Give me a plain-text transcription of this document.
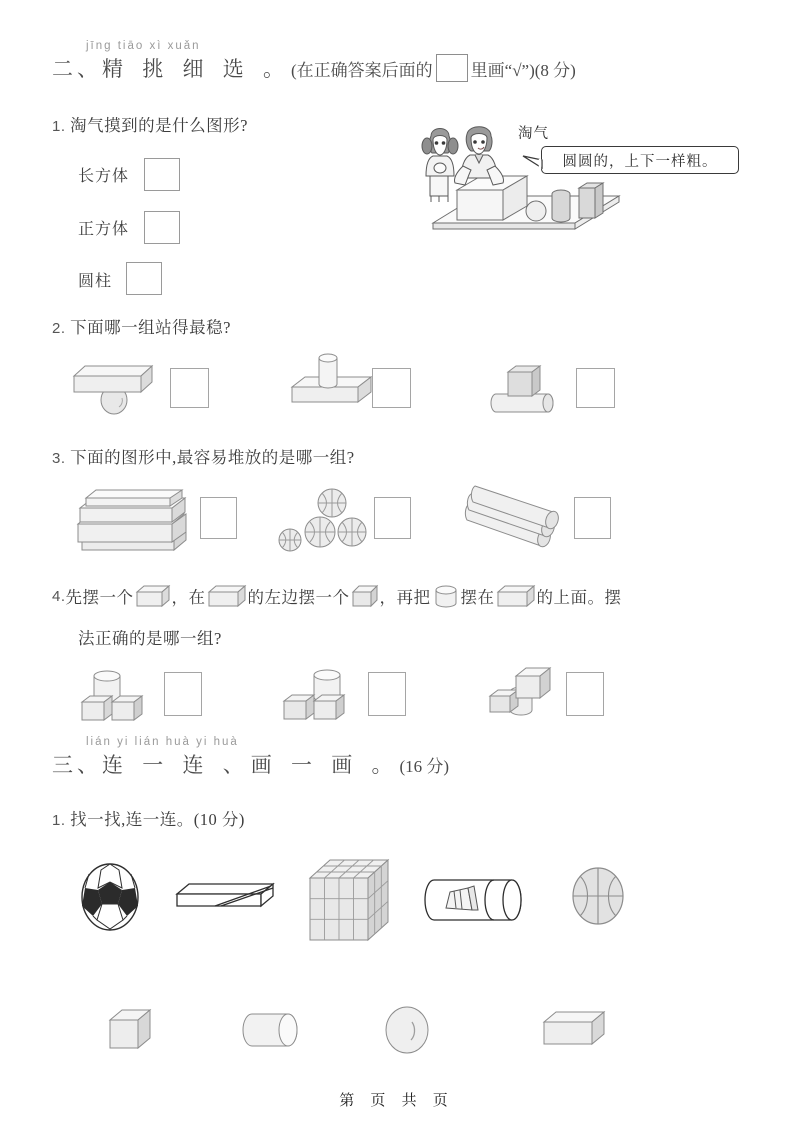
jīng tiāo xì xuǎn
二、 精 挑 细 选 。 (在正确答案后面的 里画“√”) (8 分)
1. 淘气摸到的是什么图形?
长方体
正方体
圆柱
淘气
圆圆的，上下一样粗。
2. 下面哪一组站得最稳?
3. 下面的图形中,最容易堆放的是哪一组?
4. 先摆一个 ，在	的左边摆一个 ，再把 摆在	的上面。摆
法正确的是哪一组?
lián yi lián huà yi huà
三、 连 一 连 、画 一 画 。 (16 分)
1. 找一找,连一连。(10 分)
第 页 共 页
